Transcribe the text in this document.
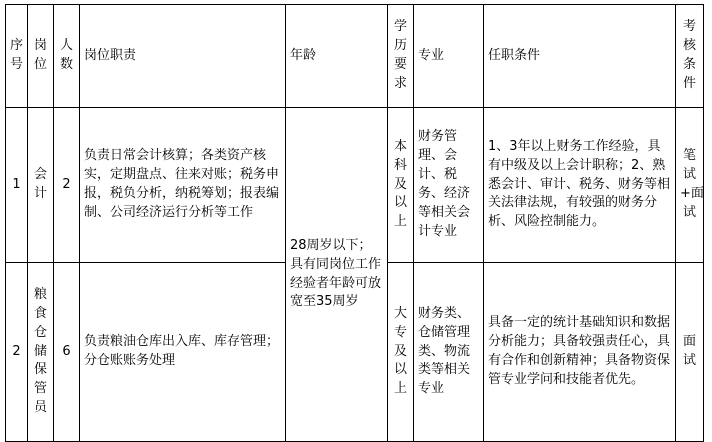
序号	岗位	人数	岗位职责	年龄	学历要求	专业	任职条件	考核条件
1	会计	2	负责日常会计核算；各类资产核实，定期盘点、往来对账；税务申报，税负分析，纳税筹划；报表编制、公司经济运行分析等工作	28周岁以下；具有同岗位工作经验者年龄可放宽至35周岁	本科及以上	财务管理、会计、税务、经济等相关会计专业	1、3年以上财务工作经验，具有中级及以上会计职称；2、熟悉会计、审计、税务、财务等相关法律法规，有较强的财务分析、风险控制能力。	笔试+面试
2	粮食仓储保管员	6	负责粮油仓库出入库、库存管理；分仓账账务处理		大专及以上	财务类、仓储管理类、物流类等相关专业	具备一定的统计基础知识和数据分析能力；具备较强责任心，具有合作和创新精神；具备物资保管专业学问和技能者优先。	面试
